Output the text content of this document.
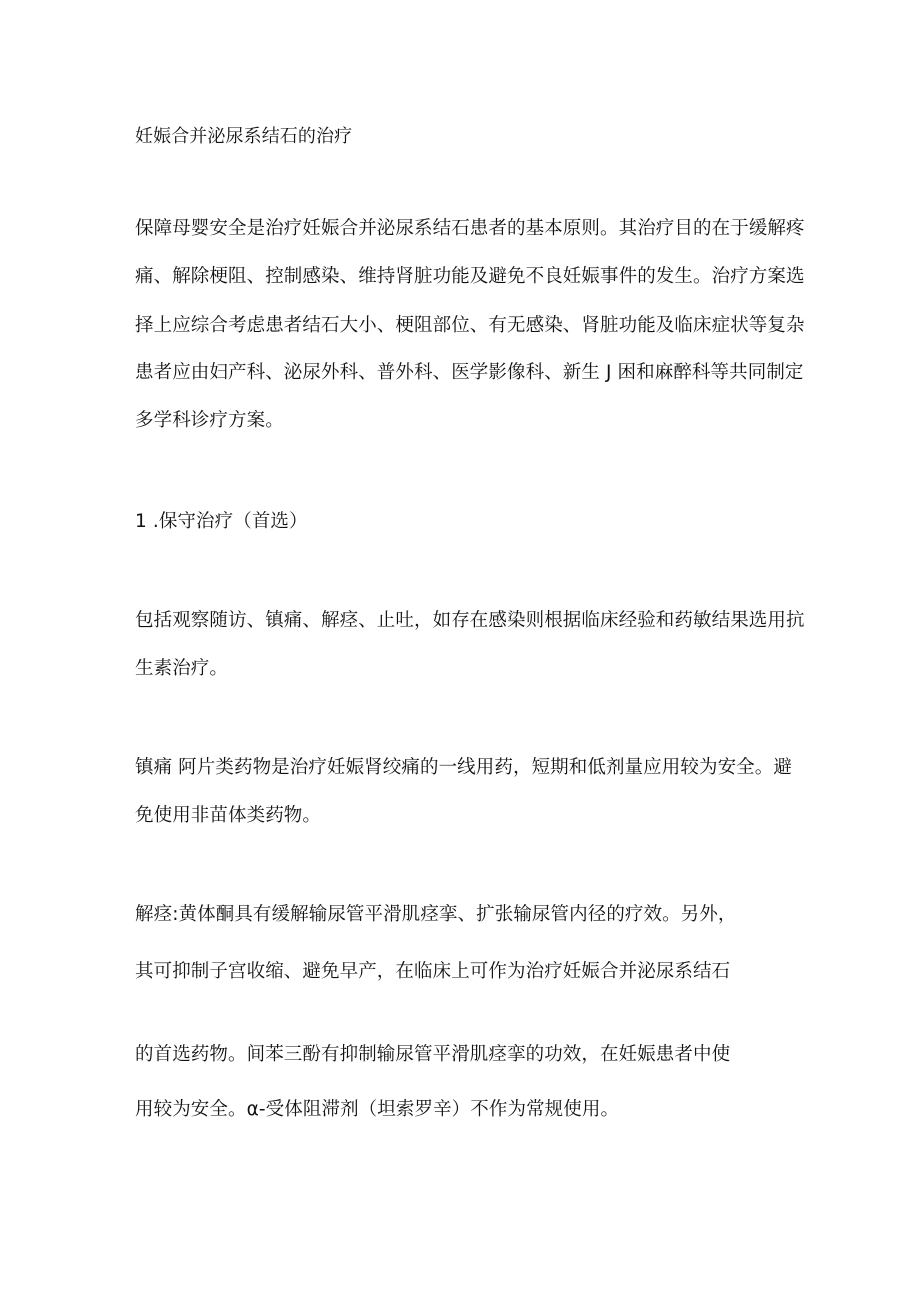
妊娠合并泌尿系结石的治疗
保障母婴安全是治疗妊娠合并泌尿系结石患者的基本原则。其治疗目的在于缓解疼
痛、解除梗阻、控制感染、维持肾脏功能及避免不良妊娠事件的发生。治疗方案选
择上应综合考虑患者结石大小、梗阻部位、有无感染、肾脏功能及临床症状等复杂
患者应由妇产科、泌尿外科、普外科、医学影像科、新生 J 困和麻醉科等共同制定
多学科诊疗方案。
1 .保守治疗（首选）
包括观察随访、镇痛、解痉、止吐，如存在感染则根据临床经验和药敏结果选用抗
生素治疗。
镇痛 阿片类药物是治疗妊娠肾绞痛的一线用药，短期和低剂量应用较为安全。避
免使用非苗体类药物。
解痉:黄体酮具有缓解输尿管平滑肌痉挛、扩张输尿管内径的疗效。另外，
其可抑制子宫收缩、避免早产，在临床上可作为治疗妊娠合并泌尿系结石
的首选药物。间苯三酚有抑制输尿管平滑肌痉挛的功效，在妊娠患者中使
用较为安全。α-受体阻滞剂（坦索罗辛）不作为常规使用。
